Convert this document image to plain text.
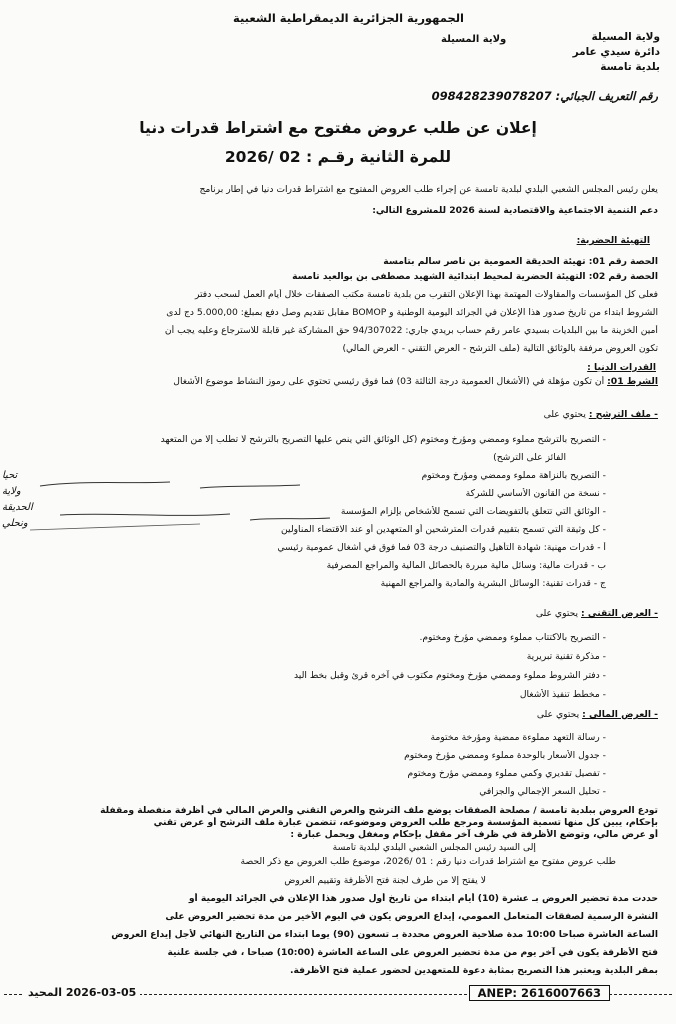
الجمهورية الجزائرية الديمقراطية الشعبية
ولاية المسيلة	ولاية المسيلة
دائرة سيدي عامر
بلدية تامسة
رقم التعريف الجبائي: 098428239078207
إعلان عن طلب عروض مفتوح مع اشتراط قدرات دنيا
للمرة الثانية رقـم : 02 /2026
يعلن رئيس المجلس الشعبي البلدي لبلدية تامسة عن إجراء طلب العروض المفتوح مع اشتراط قدرات دنيا في إطار برنامج
دعم التنمية الاجتماعية والاقتصادية لسنة 2026 للمشروع التالي:
التهيئة الحضرية:
الحصة رقم 01: تهيئة الحديقة العمومية بن ناصر سالم بتامسة
الحصة رقم 02: التهيئة الحضرية لمحيط ابتدائية الشهيد مصطفى بن بوالعيد تامسة
فعلى كل المؤسسات والمقاولات المهتمة بهذا الإعلان التقرب من بلدية تامسة مكتب الصفقات خلال أيام العمل لسحب دفتر
الشروط ابتداء من تاريخ صدور هذا الإعلان في الجرائد اليومية الوطنية و BOMOP مقابل تقديم وصل دفع بمبلغ: 5.000,00 دج لدى
أمين الخزينة ما بين البلديات بسيدي عامر رقم حساب بريدي جاري: 94/307022 حق المشاركة غير قابلة للاسترجاع وعليه يجب أن
تكون العروض مرفقة بالوثائق التالية (ملف الترشح - العرض التقني - العرض المالي)
القدرات الدنيا :
الشرط 01: أن تكون مؤهلة في (الأشغال العمومية درجة الثالثة 03) فما فوق رئيسي تحتوي على رموز النشاط موضوع الأشغال
- ملف الترشح : يحتوي على
- التصريح بالترشح مملوء وممضي ومؤرخ ومختوم (كل الوثائق التي ينص عليها التصريح بالترشح لا تطلب إلا من المتعهد
الفائز على الترشح)
- التصريح بالنزاهة مملوء وممضي ومؤرخ ومختوم
- نسخة من القانون الأساسي للشركة
- الوثائق التي تتعلق بالتفويضات التي تسمح للأشخاص بإلزام المؤسسة
- كل وثيقة التي تسمح بتقييم قدرات المترشحين أو المتعهدين أو عند الاقتضاء المناولين
أ - قدرات مهنية: شهادة التأهيل والتصنيف درجة 03 فما فوق في أشغال عمومية رئيسي
ب - قدرات مالية: وسائل مالية مبررة بالحصائل المالية والمراجع المصرفية
ج - قدرات تقنية: الوسائل البشرية والمادية والمراجع المهنية
تحيا
ولاية
الحديقة
ونحلي
- العرض التقني : يحتوي على
- التصريح بالاكتتاب مملوء وممضي مؤرخ ومختوم.
- مذكرة تقنية تبريرية
- دفتر الشروط مملوء وممضي مؤرخ ومختوم مكتوب في آخره قرئ وقبل بخط اليد
- مخطط تنفيذ الأشغال
- العرض المالي : يحتوي على
- رسالة التعهد مملوءة ممضية ومؤرخة مختومة
- جدول الأسعار بالوحدة مملوء وممضي مؤرخ ومختوم
- تفصيل تقديري وكمي مملوء وممضي مؤرخ ومختوم
- تحليل السعر الإجمالي والجزافي
تودع العروض ببلدية تامسة / مصلحة الصفقات يوضع ملف الترشح والعرض التقني والعرض المالي في أظرفة منفصلة ومقفلة
بإحكام، يبين كل منها تسمية المؤسسة ومرجع طلب العروض وموضوعه، تتضمن عبارة ملف الترشح أو عرض تقني
أو عرض مالي، وتوضع الأظرفة في ظرف آخر مقفل بإحكام ومغفل ويحمل عبارة :
إلى السيد رئيس المجلس الشعبي البلدي لبلدية تامسة
طلب عروض مفتوح مع اشتراط قدرات دنيا رقم : 01 /2026، موضوع طلب العروض مع ذكر الحصة
لا يفتح إلا من طرف لجنة فتح الأظرفة وتقييم العروض
حددت مدة تحضير العروض بـ عشرة (10) أيام ابتداء من تاريخ أول صدور هذا الإعلان في الجرائد اليومية أو
النشرة الرسمية لصفقات المتعامل العمومي، إيداع العروض يكون في اليوم الأخير من مدة تحضير العروض على
الساعة العاشرة صباحا 10:00 مدة صلاحية العروض محددة بـ تسعون (90) يوما ابتداء من التاريخ النهائي لأجل إيداع العروض
فتح الأظرفة يكون في آخر يوم من مدة تحضير العروض على الساعة العاشرة (10:00) صباحا ، في جلسة علنية
بمقر البلدية ويعتبر هذا التصريح بمثابة دعوة للمتعهدين لحضور عملية فتح الأظرفة.
2026-03-05 المحيد	ANEP: 2616007663
